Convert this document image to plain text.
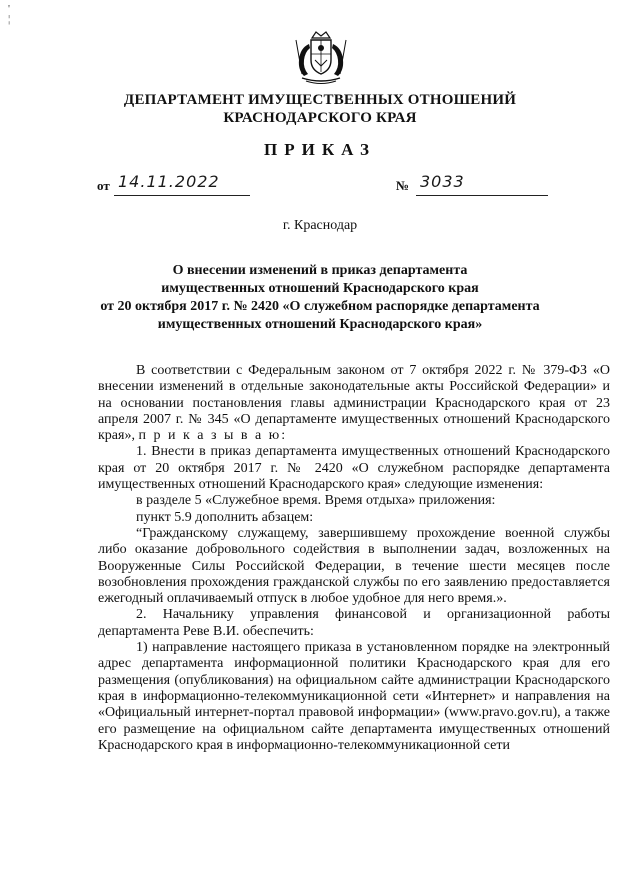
'
¦
ДЕПАРТАМЕНТ ИМУЩЕСТВЕННЫХ ОТНОШЕНИЙ
КРАСНОДАРСКОГО КРАЯ
ПРИКАЗ
от 14.11.2022	№ 3033
г. Краснодар
О внесении изменений в приказ департамента
имущественных отношений Краснодарского края
от 20 октября 2017 г. № 2420 «О служебном распорядке департамента
имущественных отношений Краснодарского края»

В соответствии с Федеральным законом от 7 октября 2022 г. № 379-ФЗ «О внесении изменений в отдельные законодательные акты Российской Федерации» и на основании постановления главы администрации Краснодарского края от 23 апреля 2007 г. № 345 «О департаменте имущественных отношений Краснодарского края», п р и к а з ы в а ю:

1. Внести в приказ департамента имущественных отношений Краснодарского края от 20 октября 2017 г. № 2420 «О служебном распорядке департамента имущественных отношений Краснодарского края» следующие изменения:

в разделе 5 «Служебное время. Время отдыха» приложения:

пункт 5.9 дополнить абзацем:

“Гражданскому служащему, завершившему прохождение военной службы либо оказание добровольного содействия в выполнении задач, возложенных на Вооруженные Силы Российской Федерации, в течение шести месяцев после возобновления прохождения гражданской службы по его заявлению предоставляется ежегодный оплачиваемый отпуск в любое удобное для него время.».

2. Начальнику управления финансовой и организационной работы департамента Реве В.И. обеспечить:

1) направление настоящего приказа в установленном порядке на электронный адрес департамента информационной политики Краснодарского края для его размещения (опубликования) на официальном сайте администрации Краснодарского края в информационно-телекоммуникационной сети «Интернет» и направления на «Официальный интернет-портал правовой информации» (www.pravo.gov.ru), а также его размещение на официальном сайте департамента имущественных отношений Краснодарского края в информационно-телекоммуникационной сети
